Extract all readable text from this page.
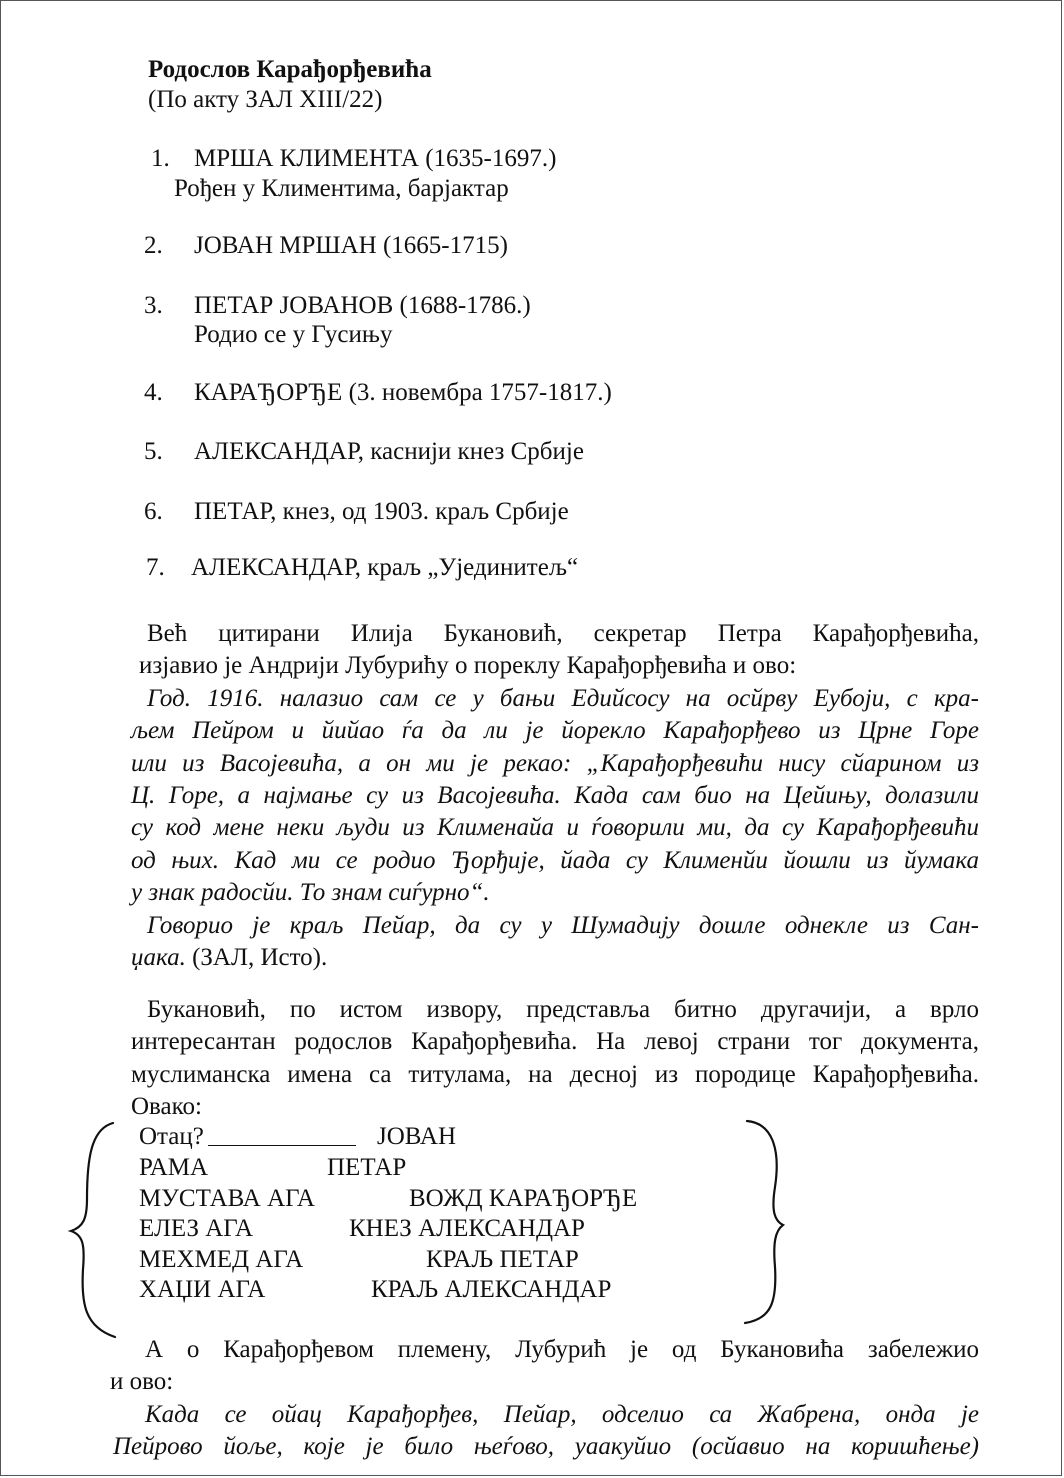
Родослов Карађорђевића
(По акту ЗАЛ XIII/22)
1. МРША КЛИМЕНТА (1635-1697.)
Рођен у Климентима, барјактар
2. ЈОВАН МРШАН (1665-1715)
3. ПЕТАР ЈОВАНОВ (1688-1786.)
Родио се у Гусињу
4. КАРАЂОРЂЕ (3. новембра 1757-1817.)
5. АЛЕКСАНДАР, каснији кнез Србије
6. ПЕТАР, кнез, од 1903. краљ Србије
7. АЛЕКСАНДАР, краљ „Ујединитељ“

Већ цитирани Илија Букановић, секретар Петра Карађорђевића,

изјавио је Андрији Лубурићу о пореклу Карађорђевића и ово:

Год. 1916. налазио сам се у бањи Едийсосу на осйрву Еубоји, с кра-

љем Пейром и йийао ѓа да ли је йорекло Карађорђево из Црне Горе

или из Васојевића, а он ми је рекао: „Карађорђевићи нису сйарином из

Ц. Горе, а најмање су из Васојевића. Када сам био на Цейињу, долазили

су код мене неки људи из Клименайа и ѓоворили ми, да су Карађорђевићи

од њих. Кад ми се родио Ђорђије, йада су Клименйи йошли из йумака

у знак радосйи. То знам сиѓурно“.

Говорио је краљ Пейар, да су у Шумадију дошле однекле из Сан-

џака. (ЗАЛ, Исто).

Букановић, по истом извору, представља битно другачији, а врло

интересантан родослов Карађорђевића. На левој страни тог документа,

муслиманска имена са титулама, на десној из породице Карађорђевића.

Овако:

Отац?	ЈОВАН
РАМА	ПЕТАР
МУСТАВА АГА	ВОЖД КАРАЂОРЂЕ
ЕЛЕЗ АГА	КНЕЗ АЛЕКСАНДАР
МЕХМЕД АГА	КРАЉ ПЕТАР
ХАЏИ АГА	КРАЉ АЛЕКСАНДАР

А о Карађорђевом племену, Лубурић је од Букановића забележио

и ово:

Када се ойац Карађорђев, Пейар, одселио са Жабрена, онда је

Пейрово йоље, које је било њеѓово, уаакуйио (осйавио на коришћење)
